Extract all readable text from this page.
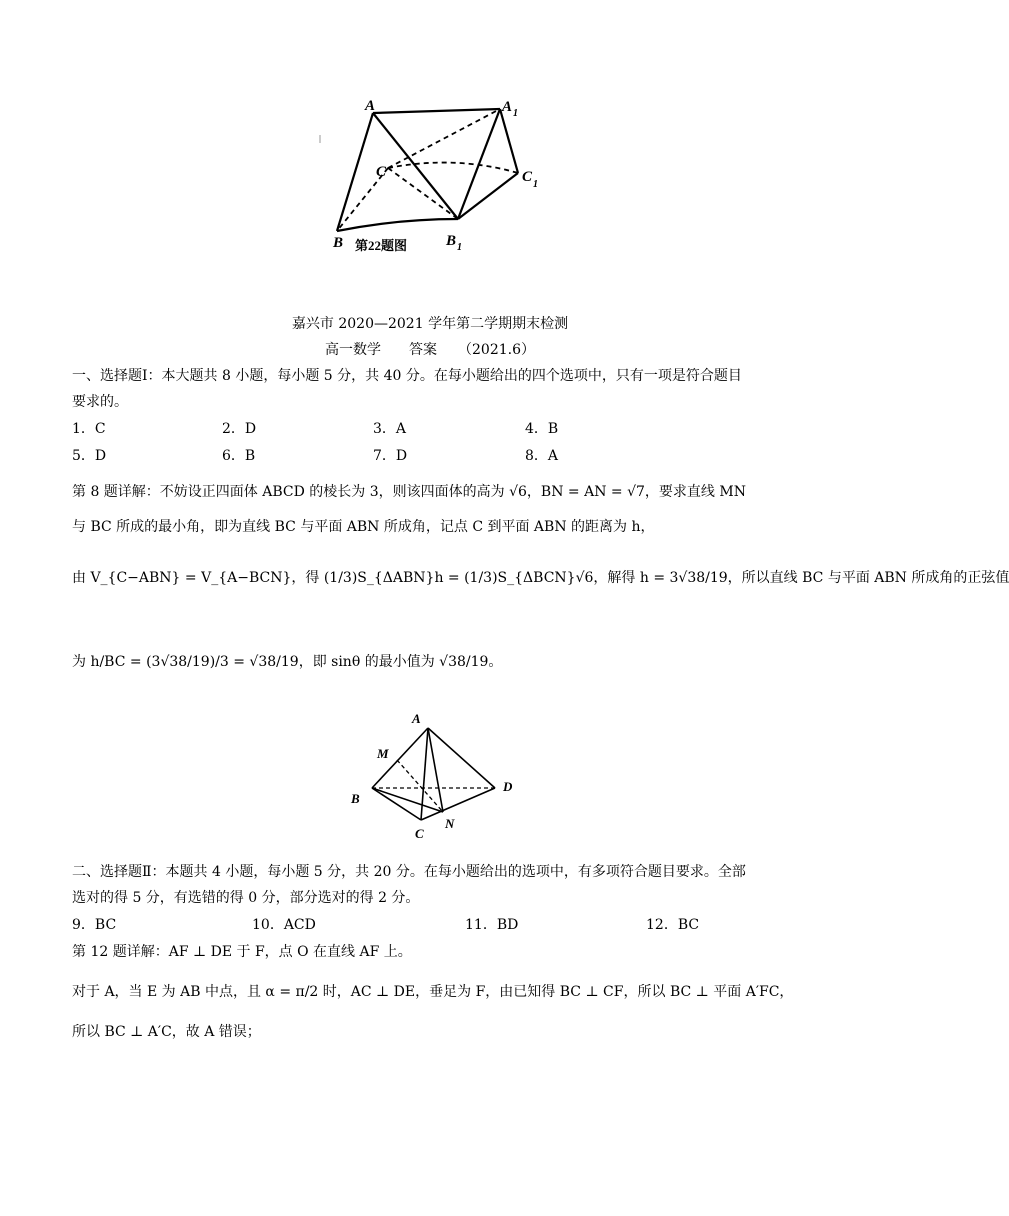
A	A 1
C	C 1
B	B 1
第22题图
嘉兴市 2020—2021 学年第二学期期末检测
高一数学　　答案　　（2021.6）
一、选择题Ⅰ：本大题共 8 小题，每小题 5 分，共 40 分。在每小题给出的四个选项中，只有一项是符合题目
要求的。
1．C	2．D	3．A	4．B
5．D	6．B	7．D	8．A
第 8 题详解：不妨设正四面体 ABCD 的棱长为 3，则该四面体的高为 √6，BN = AN = √7，要求直线 MN
与 BC 所成的最小角，即为直线 BC 与平面 ABN 所成角，记点 C 到平面 ABN 的距离为 h，
由 V_{C−ABN} = V_{A−BCN}，得 (1/3)S_{ΔABN}h = (1/3)S_{ΔBCN}√6，解得 h = 3√38/19，所以直线 BC 与平面 ABN 所成角的正弦值
为 h/BC = (3√38/19)/3 = √38/19，即 sinθ 的最小值为 √38/19。
A
M
B
D
C
N
二、选择题Ⅱ：本题共 4 小题，每小题 5 分，共 20 分。在每小题给出的选项中，有多项符合题目要求。全部
选对的得 5 分，有选错的得 0 分，部分选对的得 2 分。
9．BC	10．ACD	11．BD	12．BC
第 12 题详解：AF ⊥ DE 于 F，点 O 在直线 AF 上。
对于 A，当 E 为 AB 中点，且 α = π/2 时，AC ⊥ DE，垂足为 F，由已知得 BC ⊥ CF，所以 BC ⊥ 平面 A′FC，
所以 BC ⊥ A′C，故 A 错误；
